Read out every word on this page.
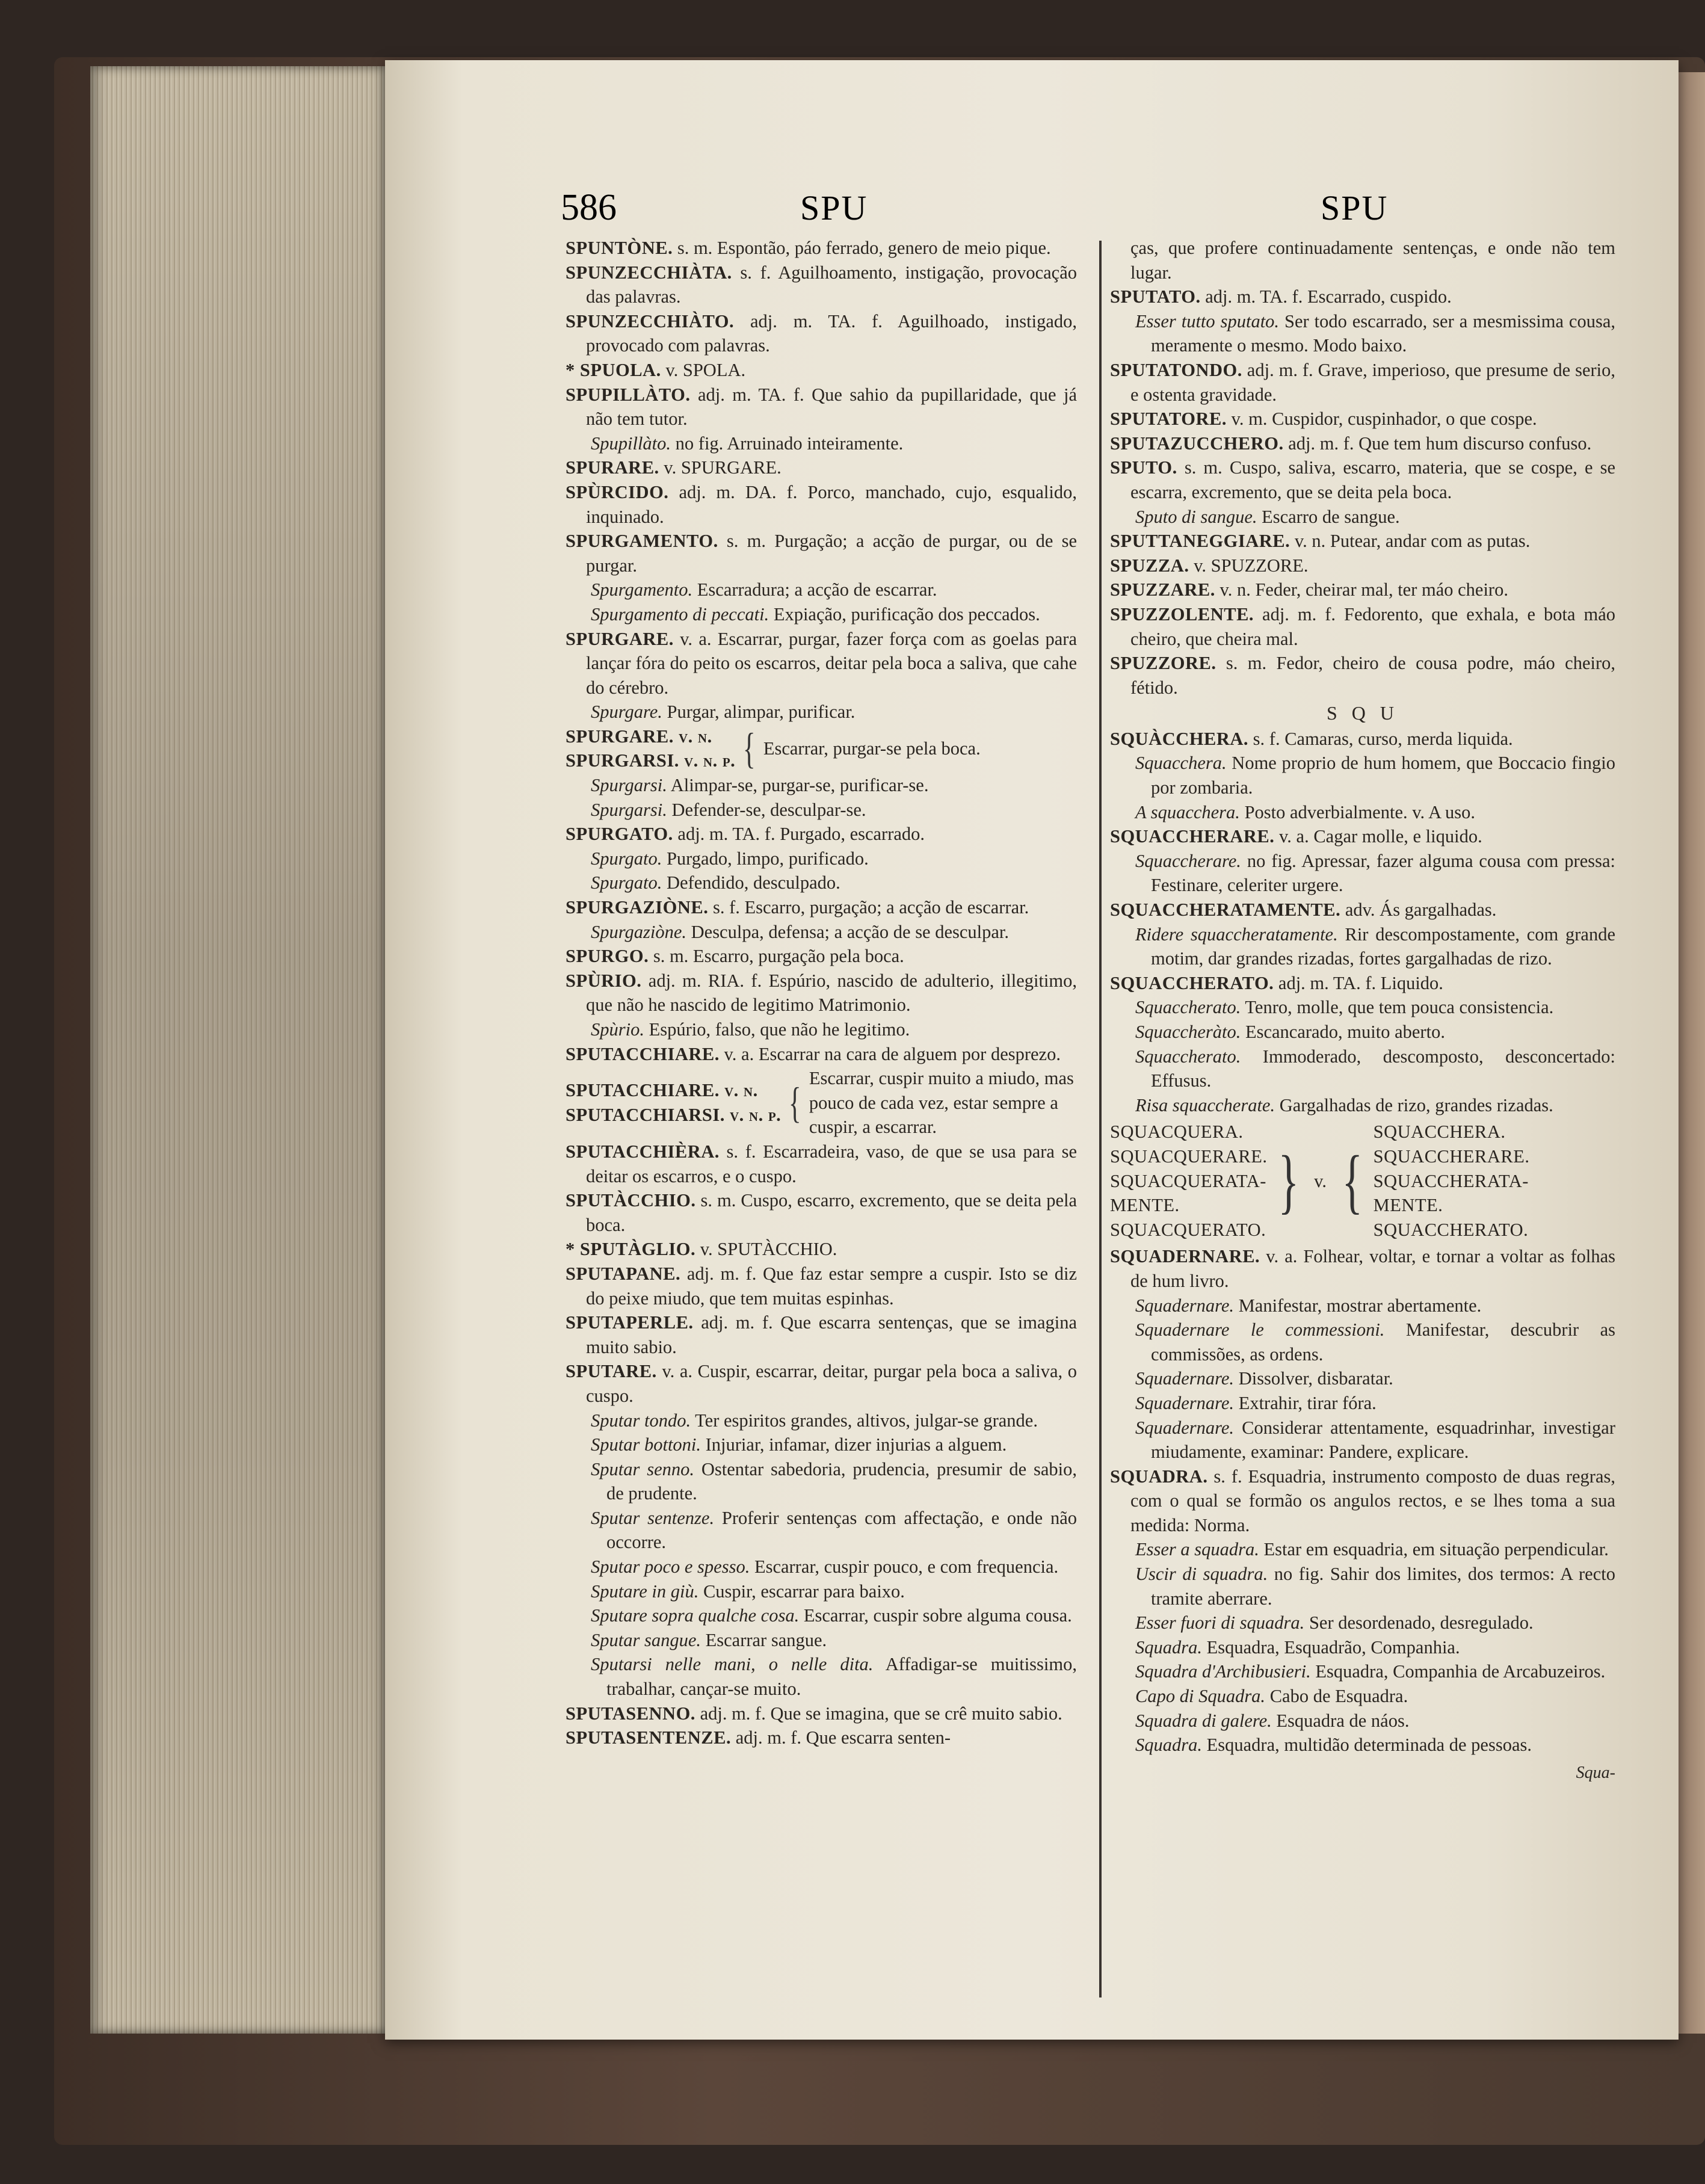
586	SPU	SPU

SPUNTÒNE. s. m. Espontão, páo ferrado, genero de meio pique.

SPUNZECCHIÀTA. s. f. Aguilhoamento, instigação, provocação das palavras.

SPUNZECCHIÀTO. adj. m. TA. f. Aguilhoado, instigado, provocado com palavras.

* SPUOLA. v. SPOLA.

SPUPILLÀTO. adj. m. TA. f. Que sahio da pupillaridade, que já não tem tutor.

Spupillàto. no fig. Arruinado inteiramente.

SPURARE. v. SPURGARE.

SPÙRCIDO. adj. m. DA. f. Porco, manchado, cujo, esqualido, inquinado.

SPURGAMENTO. s. m. Purgação; a acção de purgar, ou de se purgar.

Spurgamento. Escarradura; a acção de escarrar.

Spurgamento di peccati. Expiação, purificação dos peccados.

SPURGARE. v. a. Escarrar, purgar, fazer força com as goelas para lançar fóra do peito os escarros, deitar pela boca a saliva, que cahe do cérebro.

Spurgare. Purgar, alimpar, purificar.

SPURGARE. v. n.
SPURGARSI. v. n. p. { Escarrar, purgar-se pela boca.

Spurgarsi. Alimpar-se, purgar-se, purificar-se.

Spurgarsi. Defender-se, desculpar-se.

SPURGATO. adj. m. TA. f. Purgado, escarrado.

Spurgato. Purgado, limpo, purificado.

Spurgato. Defendido, desculpado.

SPURGAZIÒNE. s. f. Escarro, purgação; a acção de escarrar.

Spurgaziòne. Desculpa, defensa; a acção de se desculpar.

SPURGO. s. m. Escarro, purgação pela boca.

SPÙRIO. adj. m. RIA. f. Espúrio, nascido de adulterio, illegitimo, que não he nascido de legitimo Matrimonio.

Spùrio. Espúrio, falso, que não he legitimo.

SPUTACCHIARE. v. a. Escarrar na cara de alguem por desprezo.

SPUTACCHIARE. v. n.
SPUTACCHIARSI. v. n. p. {
Escarrar, cuspir muito a miudo, mas pouco de cada vez, estar sempre a cuspir, a escarrar.

SPUTACCHIÈRA. s. f. Escarradeira, vaso, de que se usa para se deitar os escarros, e o cuspo.

SPUTÀCCHIO. s. m. Cuspo, escarro, excremento, que se deita pela boca.

* SPUTÀGLIO. v. SPUTÀCCHIO.

SPUTAPANE. adj. m. f. Que faz estar sempre a cuspir. Isto se diz do peixe miudo, que tem muitas espinhas.

SPUTAPERLE. adj. m. f. Que escarra sentenças, que se imagina muito sabio.

SPUTARE. v. a. Cuspir, escarrar, deitar, purgar pela boca a saliva, o cuspo.

Sputar tondo. Ter espiritos grandes, altivos, julgar-se grande.

Sputar bottoni. Injuriar, infamar, dizer injurias a alguem.

Sputar senno. Ostentar sabedoria, prudencia, presumir de sabio, de prudente.

Sputar sentenze. Proferir sentenças com affectação, e onde não occorre.

Sputar poco e spesso. Escarrar, cuspir pouco, e com frequencia.

Sputare in giù. Cuspir, escarrar para baixo.

Sputare sopra qualche cosa. Escarrar, cuspir sobre alguma cousa.

Sputar sangue. Escarrar sangue.

Sputarsi nelle mani, o nelle dita. Affadigar-se muitissimo, trabalhar, cançar-se muito.

SPUTASENNO. adj. m. f. Que se imagina, que se crê muito sabio.

SPUTASENTENZE. adj. m. f. Que escarra senten-

ças, que profere continuadamente sentenças, e onde não tem lugar.

SPUTATO. adj. m. TA. f. Escarrado, cuspido.

Esser tutto sputato. Ser todo escarrado, ser a mesmissima cousa, meramente o mesmo. Modo baixo.

SPUTATONDO. adj. m. f. Grave, imperioso, que presume de serio, e ostenta gravidade.

SPUTATORE. v. m. Cuspidor, cuspinhador, o que cospe.

SPUTAZUCCHERO. adj. m. f. Que tem hum discurso confuso.

SPUTO. s. m. Cuspo, saliva, escarro, materia, que se cospe, e se escarra, excremento, que se deita pela boca.

Sputo di sangue. Escarro de sangue.

SPUTTANEGGIARE. v. n. Putear, andar com as putas.

SPUZZA. v. SPUZZORE.

SPUZZARE. v. n. Feder, cheirar mal, ter máo cheiro.

SPUZZOLENTE. adj. m. f. Fedorento, que exhala, e bota máo cheiro, que cheira mal.

SPUZZORE. s. m. Fedor, cheiro de cousa podre, máo cheiro, fétido.

S Q U

SQUÀCCHERA. s. f. Camaras, curso, merda liquida.

Squacchera. Nome proprio de hum homem, que Boccacio fingio por zombaria.

A squacchera. Posto adverbialmente. v. A uso.

SQUACCHERARE. v. a. Cagar molle, e liquido.

Squaccherare. no fig. Apressar, fazer alguma cousa com pressa: Festinare, celeriter urgere.

SQUACCHERATAMENTE. adv. Ás gargalhadas.

Ridere squaccheratamente. Rir descompostamente, com grande motim, dar grandes rizadas, fortes gargalhadas de rizo.

SQUACCHERATO. adj. m. TA. f. Liquido.

Squaccherato. Tenro, molle, que tem pouca consistencia.

Squaccheràto. Escancarado, muito aberto.

Squaccherato. Immoderado, descomposto, desconcertado: Effusus.

Risa squaccherate. Gargalhadas de rizo, grandes rizadas.

SQUACQUERA.
SQUACQUERARE.
SQUACQUERATA-
MENTE.
SQUACQUERATO.
} v. {
SQUACCHERA.
SQUACCHERARE.
SQUACCHERATA-
MENTE.
SQUACCHERATO.

SQUADERNARE. v. a. Folhear, voltar, e tornar a voltar as folhas de hum livro.

Squadernare. Manifestar, mostrar abertamente.

Squadernare le commessioni. Manifestar, descubrir as commissões, as ordens.

Squadernare. Dissolver, disbaratar.

Squadernare. Extrahir, tirar fóra.

Squadernare. Considerar attentamente, esquadrinhar, investigar miudamente, examinar: Pandere, explicare.

SQUADRA. s. f. Esquadria, instrumento composto de duas regras, com o qual se formão os angulos rectos, e se lhes toma a sua medida: Norma.

Esser a squadra. Estar em esquadria, em situação perpendicular.

Uscir di squadra. no fig. Sahir dos limites, dos termos: A recto tramite aberrare.

Esser fuori di squadra. Ser desordenado, desregulado.

Squadra. Esquadra, Esquadrão, Companhia.

Squadra d'Archibusieri. Esquadra, Companhia de Arcabuzeiros.

Capo di Squadra. Cabo de Esquadra.

Squadra di galere. Esquadra de náos.

Squadra. Esquadra, multidão determinada de pessoas.

Squa-
